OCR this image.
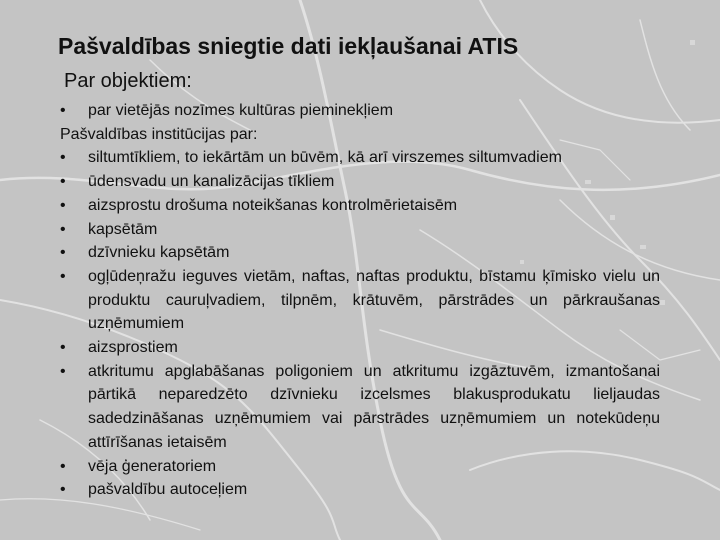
Pašvaldības sniegtie dati iekļaušanai ATIS
Par objektiem:
•	par vietējās nozīmes kultūras pieminekļiem
Pašvaldības institūcijas par:
•	siltumtīkliem, to iekārtām un būvēm, kā arī virszemes siltumvadiem
•	ūdensvadu un kanalizācijas tīkliem
•	aizsprostu drošuma noteikšanas kontrolmērietaisēm
•	kapsētām
•	dzīvnieku kapsētām
•	ogļūdeņražu ieguves vietām, naftas, naftas produktu, bīstamu ķīmisko vielu un produktu cauruļvadiem, tilpnēm, krātuvēm, pārstrādes un pārkraušanas uzņēmumiem
•	aizsprostiem
•	atkritumu apglabāšanas poligoniem un atkritumu izgāztuvēm, izmantošanai pārtikā neparedzēto dzīvnieku izcelsmes blakusprodukatu lieljaudas sadedzināšanas uzņēmumiem vai pārstrādes uzņēmumiem un notekūdeņu attīrīšanas ietaisēm
•	vēja ģeneratoriem
•	pašvaldību autoceļiem
